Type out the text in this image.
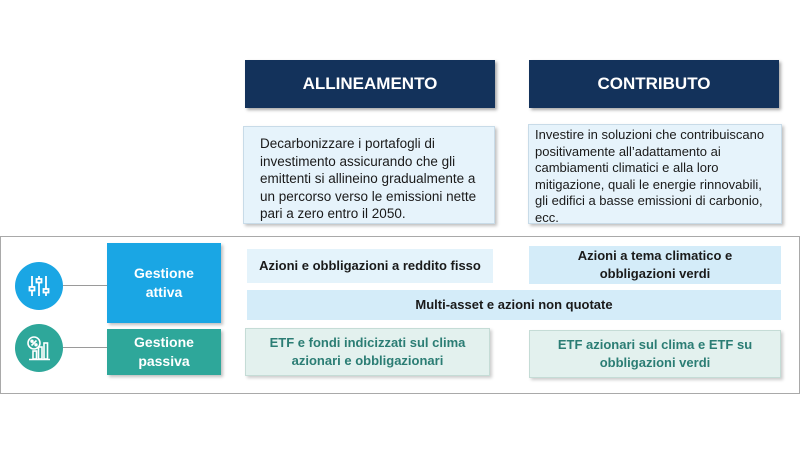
ALLINEAMENTO	CONTRIBUTO
Decarbonizzare i portafogli di investimento assicurando che gli emittenti si allineino gradualmente a un percorso verso le emissioni nette pari a zero entro il 2050.
Investire in soluzioni che contribuiscano positivamente all’adattamento ai cambiamenti climatici e alla loro mitigazione, quali le energie rinnovabili, gli edifici a basse emissioni di carbonio, ecc.
Gestione
attiva
Gestione
passiva
Azioni e obbligazioni a reddito fisso
Azioni a tema climatico e obbligazioni verdi
Multi-asset e azioni non quotate
ETF e fondi indicizzati sul clima azionari e obbligazionari
ETF azionari sul clima e ETF su obbligazioni verdi
